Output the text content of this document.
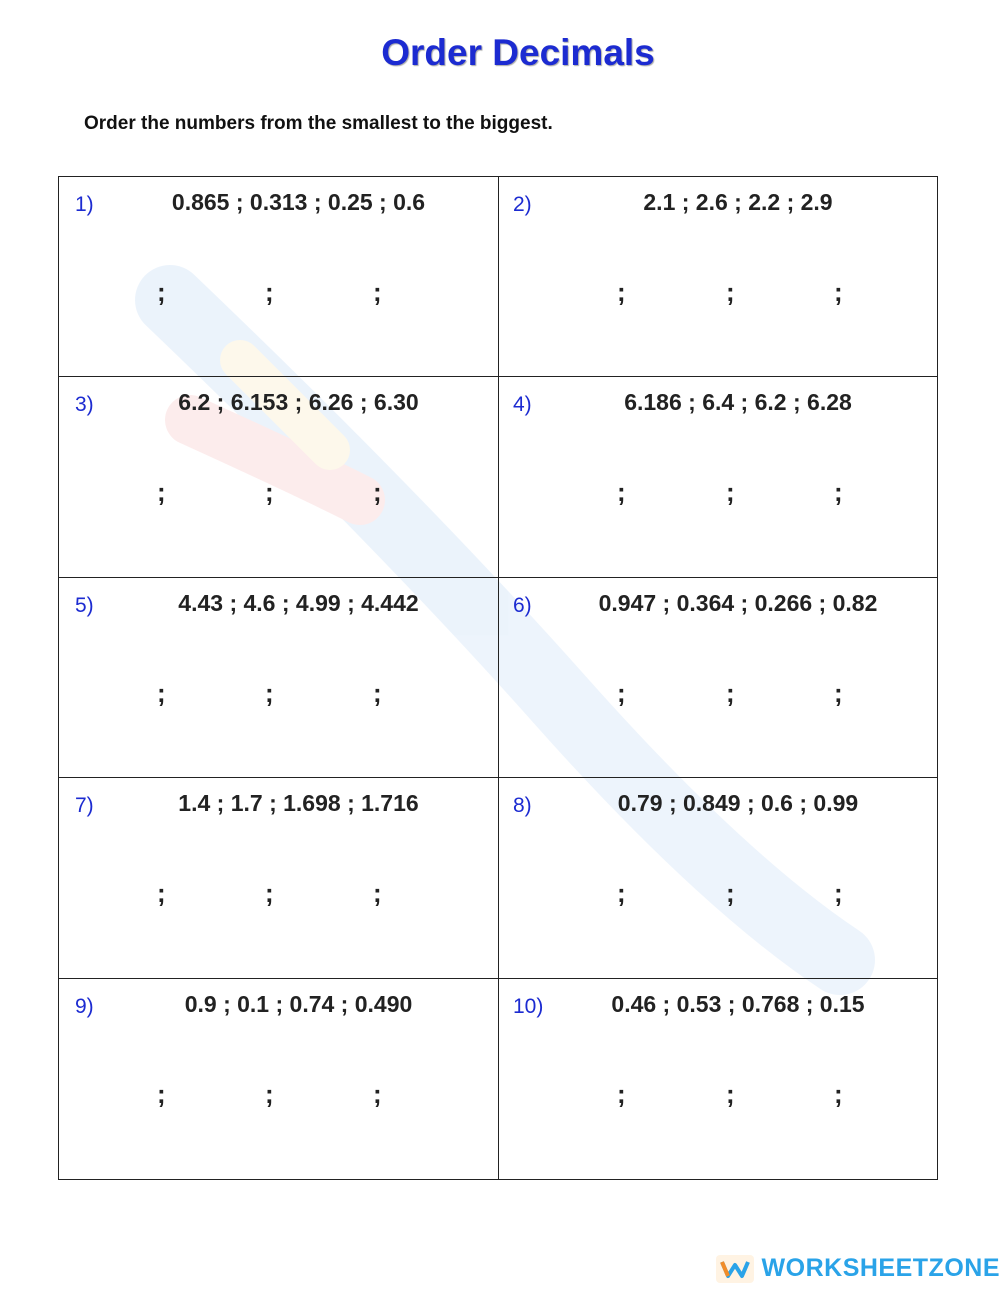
Order Decimals
Order the numbers from the smallest to the biggest.
1)	0.865 ; 0.313 ; 0.25 ; 0.6
;	;	;
2)	2.1 ; 2.6 ; 2.2 ; 2.9
;	;	;
3)	6.2 ; 6.153 ; 6.26 ; 6.30
;	;	;
4)	6.186 ; 6.4 ; 6.2 ; 6.28
;	;	;
5)	4.43 ; 4.6 ; 4.99 ; 4.442
;	;	;
6)	0.947 ; 0.364 ; 0.266 ; 0.82
;	;	;
7)	1.4 ; 1.7 ; 1.698 ; 1.716
;	;	;
8)	0.79 ; 0.849 ; 0.6 ; 0.99
;	;	;
9)	0.9 ; 0.1 ; 0.74 ; 0.490
;	;	;
10)	0.46 ; 0.53 ; 0.768 ; 0.15
;	;	;
WORKSHEETZONE
